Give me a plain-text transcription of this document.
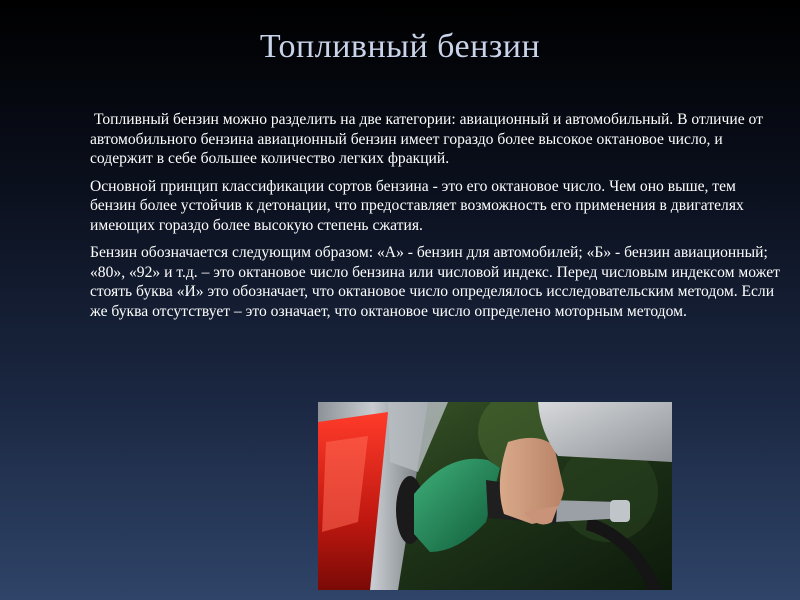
Топливный бензин

Топливный бензин можно разделить на две категории: авиационный и автомобильный. В отличие от автомобильного бензина авиационный бензин имеет гораздо более высокое октановое число, и содержит в себе большее количество легких фракций.

Основной принцип классификации сортов бензина - это его октановое число. Чем оно выше, тем бензин более устойчив к детонации, что предоставляет возможность его применения в двигателях имеющих гораздо более высокую степень сжатия.

Бензин обозначается следующим образом: «А» - бензин для автомобилей; «Б» - бензин авиационный; «80», «92» и т.д. – это октановое число бензина или числовой индекс. Перед числовым индексом может стоять буква «И» это обозначает, что октановое число определялось исследовательским методом. Если же буква отсутствует – это означает, что октановое число определено моторным методом.
